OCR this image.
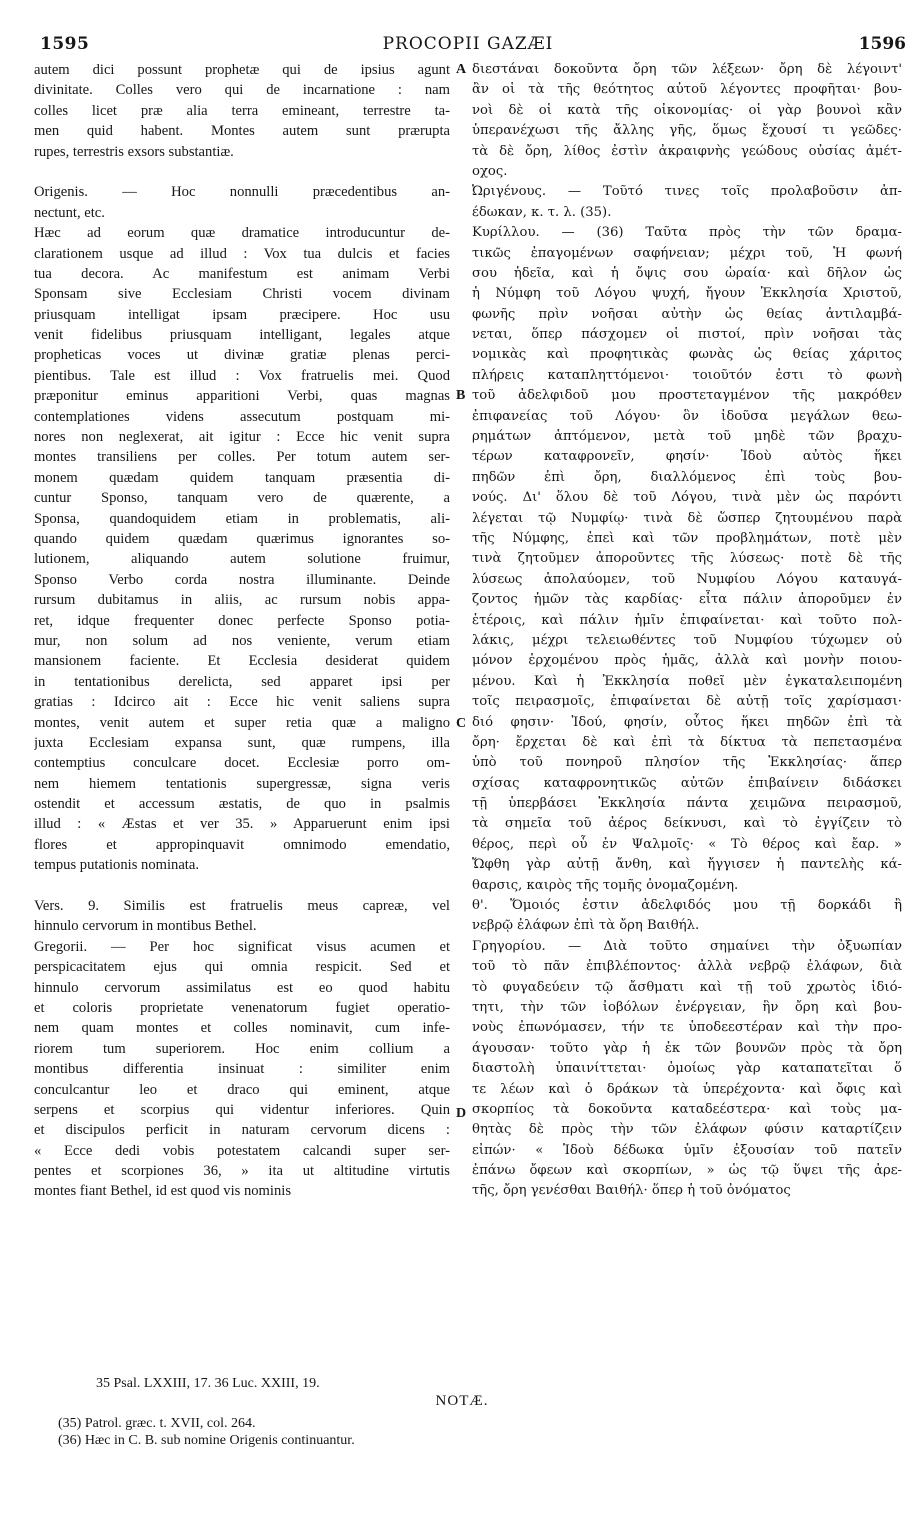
1595	PROCOPII GAZÆI	1596
autem dici possunt prophetæ qui de ipsius agunt
divinitate. Colles vero qui de incarnatione : nam
colles licet præ alia terra emineant, terrestre ta-
men quid habent. Montes autem sunt prærupta
rupes, terrestris exsors substantiæ.
Origenis. — Hoc nonnulli præcedentibus an-
nectunt, etc.
Hæc ad eorum quæ dramatice introducuntur de-
clarationem usque ad illud : Vox tua dulcis et facies
tua decora. Ac manifestum est animam Verbi
Sponsam sive Ecclesiam Christi vocem divinam
priusquam intelligat ipsam præcipere. Hoc usu
venit fidelibus priusquam intelligant, legales atque
propheticas voces ut divinæ gratiæ plenas perci-
pientibus. Tale est illud : Vox fratruelis mei. Quod
præponitur eminus apparitioni Verbi, quas magnas
contemplationes videns assecutum postquam mi-
nores non neglexerat, ait igitur : Ecce hic venit supra
montes transiliens per colles. Per totum autem ser-
monem quædam quidem tanquam præsentia di-
cuntur Sponso, tanquam vero de quærente, a
Sponsa, quandoquidem etiam in problematis, ali-
quando quidem quædam quærimus ignorantes so-
lutionem, aliquando autem solutione fruimur,
Sponso Verbo corda nostra illuminante. Deinde
rursum dubitamus in aliis, ac rursum nobis appa-
ret, idque frequenter donec perfecte Sponso potia-
mur, non solum ad nos veniente, verum etiam
mansionem faciente. Et Ecclesia desiderat quidem
in tentationibus derelicta, sed apparet ipsi per
gratias : Idcirco ait : Ecce hic venit saliens supra
montes, venit autem et super retia quæ a maligno
juxta Ecclesiam expansa sunt, quæ rumpens, illa
contemptius conculcare docet. Ecclesiæ porro om-
nem hiemem tentationis supergressæ, signa veris
ostendit et accessum æstatis, de quo in psalmis
illud : « Æstas et ver 35. » Apparuerunt enim ipsi
flores et appropinquavit omnimodo emendatio,
tempus putationis nominata.
Vers. 9. Similis est fratruelis meus capreæ, vel
hinnulo cervorum in montibus Bethel.
Gregorii. — Per hoc significat visus acumen et
perspicacitatem ejus qui omnia respicit. Sed et
hinnulo cervorum assimilatus est eo quod habitu
et coloris proprietate venenatorum fugiet operatio-
nem quam montes et colles nominavit, cum infe-
riorem tum superiorem. Hoc enim collium a
montibus differentia insinuat : similiter enim
conculcantur leo et draco qui eminent, atque
serpens et scorpius qui videntur inferiores. Quin
et discipulos perficit in naturam cervorum dicens :
« Ecce dedi vobis potestatem calcandi super ser-
pentes et scorpiones 36, » ita ut altitudine virtutis
montes fiant Bethel, id est quod vis nominis
διεστάναι δοκοῦντα ὄρη τῶν λέξεων· ὄρη δὲ λέγοιντ'
ἂν οἱ τὰ τῆς θεότητος αὐτοῦ λέγοντες προφῆται· βου-
νοὶ δὲ οἱ κατὰ τῆς οἰκονομίας· οἱ γὰρ βουνοὶ κἂν
ὑπερανέχωσι τῆς ἄλλης γῆς, ὅμως ἔχουσί τι γεῶδες·
τὰ δὲ ὄρη, λίθος ἐστὶν ἀκραιφνὴς γεώδους οὐσίας ἀμέτ-
οχος.
Ὠριγένους. — Τοῦτό τινες τοῖς προλαβοῦσιν ἀπ-
έδωκαν, κ. τ. λ. (35).
Κυρίλλου. — (36) Ταῦτα πρὸς τὴν τῶν δραμα-
τικῶς ἐπαγομένων σαφήνειαν; μέχρι τοῦ, Ἡ φωνή
σου ἡδεῖα, καὶ ἡ ὄψις σου ὡραία· καὶ δῆλον ὡς
ἡ Νύμφη τοῦ Λόγου ψυχή, ἤγουν Ἐκκλησία Χριστοῦ,
φωνῆς πρὶν νοῆσαι αὐτὴν ὡς θείας ἀντιλαμβά-
νεται, ὅπερ πάσχομεν οἱ πιστοί, πρὶν νοῆσαι τὰς
νομικὰς καὶ προφητικὰς φωνὰς ὡς θείας χάριτος
πλήρεις καταπληττόμενοι· τοιοῦτόν ἐστι τὸ φωνὴ
τοῦ ἀδελφιδοῦ μου προστεταγμένον τῆς μακρόθεν
ἐπιφανείας τοῦ Λόγου· ὃν ἰδοῦσα μεγάλων θεω-
ρημάτων ἁπτόμενον, μετὰ τοῦ μηδὲ τῶν βραχυ-
τέρων καταφρονεῖν, φησίν· Ἰδοὺ αὐτὸς ἥκει
πηδῶν ἐπὶ ὄρη, διαλλόμενος ἐπὶ τοὺς βου-
νούς. Δι' ὅλου δὲ τοῦ Λόγου, τινὰ μὲν ὡς παρόντι
λέγεται τῷ Νυμφίῳ· τινὰ δὲ ὥσπερ ζητουμένου παρὰ
τῆς Νύμφης, ἐπεὶ καὶ τῶν προβλημάτων, ποτὲ μὲν
τινὰ ζητοῦμεν ἀποροῦντες τῆς λύσεως· ποτὲ δὲ τῆς
λύσεως ἀπολαύομεν, τοῦ Νυμφίου Λόγου καταυγά-
ζοντος ἡμῶν τὰς καρδίας· εἶτα πάλιν ἀποροῦμεν ἐν
ἑτέροις, καὶ πάλιν ἡμῖν ἐπιφαίνεται· καὶ τοῦτο πολ-
λάκις, μέχρι τελειωθέντες τοῦ Νυμφίου τύχωμεν οὐ
μόνον ἐρχομένου πρὸς ἡμᾶς, ἀλλὰ καὶ μονὴν ποιου-
μένου. Καὶ ἡ Ἐκκλησία ποθεῖ μὲν ἐγκαταλειπομένη
τοῖς πειρασμοῖς, ἐπιφαίνεται δὲ αὐτῇ τοῖς χαρίσμασι·
διό φησιν· Ἰδού, φησίν, οὗτος ἥκει πηδῶν ἐπὶ τὰ
ὄρη· ἔρχεται δὲ καὶ ἐπὶ τὰ δίκτυα τὰ πεπετασμένα
ὑπὸ τοῦ πονηροῦ πλησίον τῆς Ἐκκλησίας· ἅπερ
σχίσας καταφρονητικῶς αὐτῶν ἐπιβαίνειν διδάσκει
τῇ ὑπερβάσει Ἐκκλησία πάντα χειμῶνα πειρασμοῦ,
τὰ σημεῖα τοῦ ἀέρος δείκνυσι, καὶ τὸ ἐγγίζειν τὸ
θέρος, περὶ οὗ ἐν Ψαλμοῖς· « Τὸ θέρος καὶ ἔαρ. »
Ὤφθη γὰρ αὐτῇ ἄνθη, καὶ ἤγγισεν ἡ παντελὴς κά-
θαρσις, καιρὸς τῆς τομῆς ὀνομαζομένη.
θ'. Ὅμοιός ἐστιν ἀδελφιδός μου τῇ δορκάδι ἢ
νεβρῷ ἐλάφων ἐπὶ τὰ ὄρη Βαιθήλ.
Γρηγορίου. — Διὰ τοῦτο σημαίνει τὴν ὀξυωπίαν
τοῦ τὸ πᾶν ἐπιβλέποντος· ἀλλὰ νεβρῷ ἐλάφων, διὰ
τὸ φυγαδεύειν τῷ ἄσθματι καὶ τῇ τοῦ χρωτὸς ἰδιό-
τητι, τὴν τῶν ἰοβόλων ἐνέργειαν, ἣν ὄρη καὶ βου-
νοὺς ἐπωνόμασεν, τήν τε ὑποδεεστέραν καὶ τὴν προ-
άγουσαν· τοῦτο γὰρ ἡ ἐκ τῶν βουνῶν πρὸς τὰ ὄρη
διαστολὴ ὑπαινίττεται· ὁμοίως γὰρ καταπατεῖται ὅ
τε λέων καὶ ὁ δράκων τὰ ὑπερέχοντα· καὶ ὄφις καὶ
σκορπίος τὰ δοκοῦντα καταδεέστερα· καὶ τοὺς μα-
θητὰς δὲ πρὸς τὴν τῶν ἐλάφων φύσιν καταρτίζειν
εἰπών· « Ἰδοὺ δέδωκα ὑμῖν ἐξουσίαν τοῦ πατεῖν
ἐπάνω ὄφεων καὶ σκορπίων, » ὡς τῷ ὕψει τῆς ἀρε-
τῆς, ὄρη γενέσθαι Βαιθήλ· ὅπερ ἡ τοῦ ὀνόματος
A
B
C
D
35 Psal. LXXIII, 17. 36 Luc. XXIII, 19.
NOTÆ.
(35) Patrol. græc. t. XVII, col. 264.
(36) Hæc in C. B. sub nomine Origenis continuantur.
